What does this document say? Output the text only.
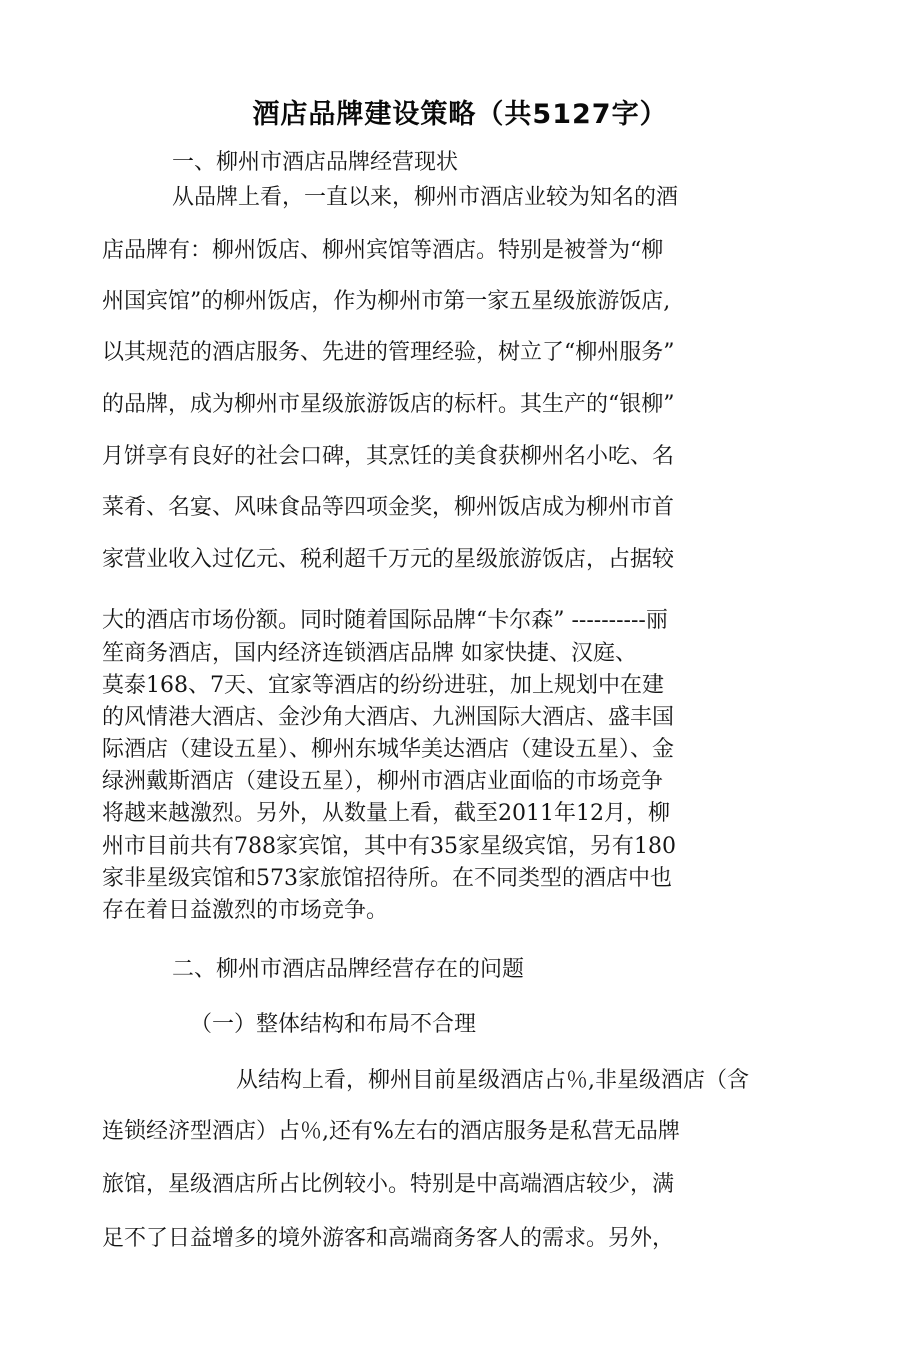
酒店品牌建设策略（共5127字）
一、柳州市酒店品牌经营现状
从品牌上看，一直以来，柳州市酒店业较为知名的酒
店品牌有：柳州饭店、柳州宾馆等酒店。特别是被誉为“柳
州国宾馆”的柳州饭店，作为柳州市第一家五星级旅游饭店,
以其规范的酒店服务、先进的管理经验，树立了“柳州服务”
的品牌，成为柳州市星级旅游饭店的标杆。其生产的“银柳”
月饼享有良好的社会口碑，其烹饪的美食获柳州名小吃、名
菜肴、名宴、风味食品等四项金奖，柳州饭店成为柳州市首
家营业收入过亿元、税利超千万元的星级旅游饭店，占据较
大的酒店市场份额。同时随着国际品牌“卡尔森” ----------丽
笙商务酒店，国内经济连锁酒店品牌 如家快捷、汉庭、
莫泰168、7天、宜家等酒店的纷纷进驻，加上规划中在建
的风情港大酒店、金沙角大酒店、九洲国际大酒店、盛丰国
际酒店（建设五星）、柳州东城华美达酒店（建设五星）、金
绿洲戴斯酒店（建设五星），柳州市酒店业面临的市场竞争
将越来越激烈。另外，从数量上看，截至2011年12月，柳
州市目前共有788家宾馆，其中有35家星级宾馆，另有180
家非星级宾馆和573家旅馆招待所。在不同类型的酒店中也
存在着日益激烈的市场竞争。
二、柳州市酒店品牌经营存在的问题
（一）整体结构和布局不合理
从结构上看，柳州目前星级酒店占％,非星级酒店（含
连锁经济型酒店）占％,还有%左右的酒店服务是私营无品牌
旅馆，星级酒店所占比例较小。特别是中高端酒店较少，满
足不了日益增多的境外游客和高端商务客人的需求。另外，
